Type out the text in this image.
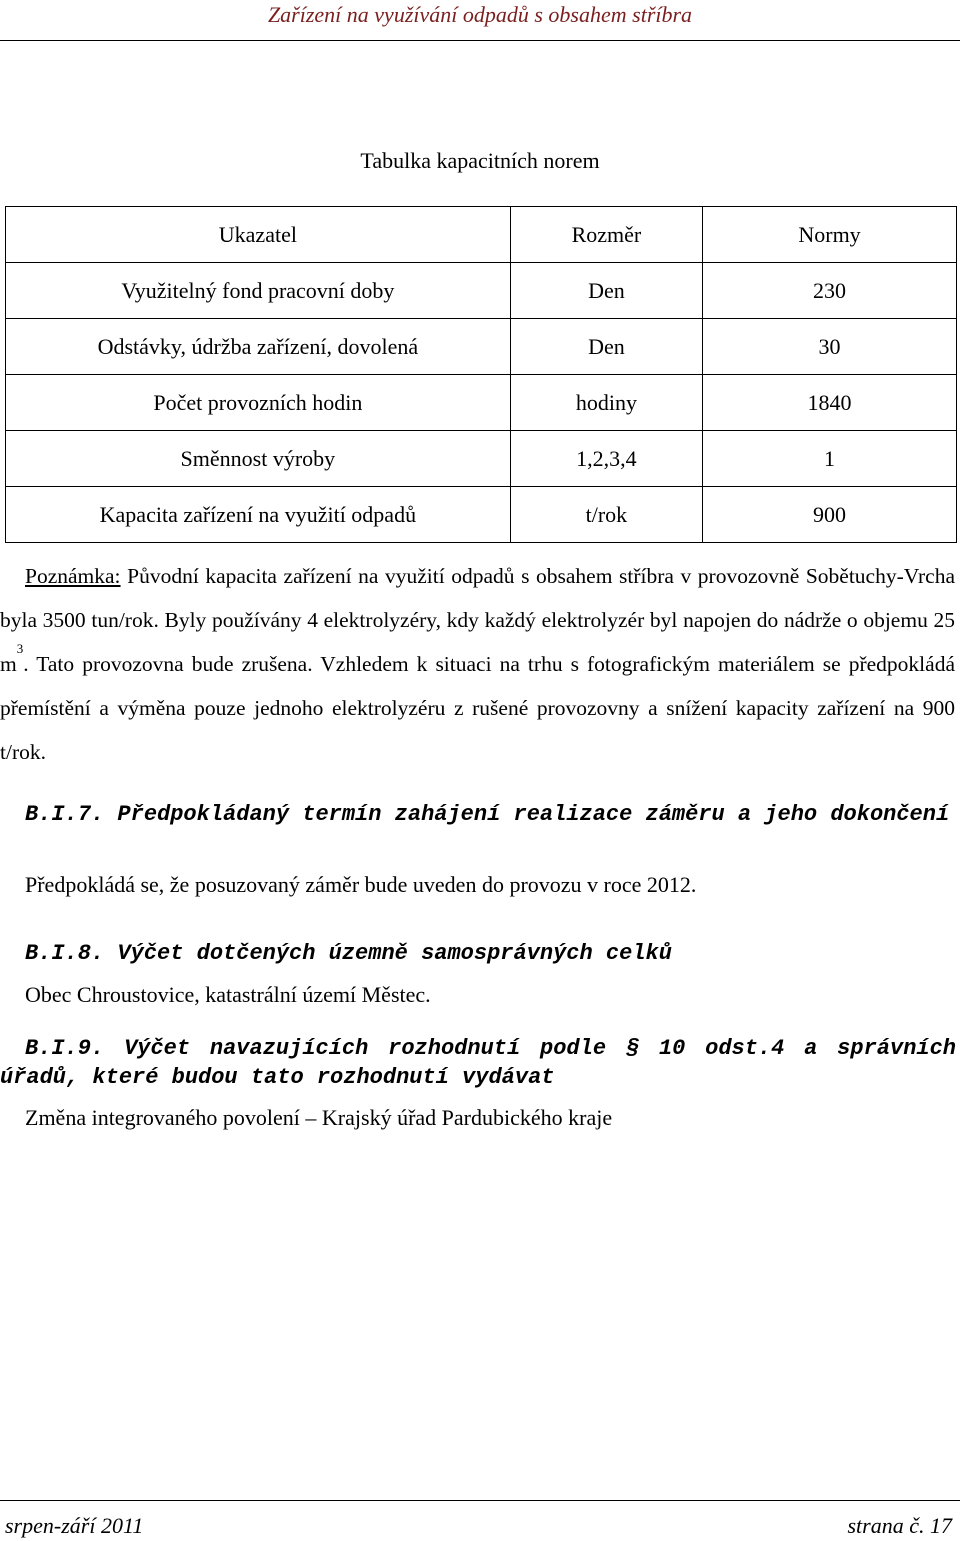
Zařízení na využívání odpadů s obsahem stříbra
Tabulka kapacitních norem
Ukazatel	Rozměr	Normy
Využitelný fond pracovní doby	Den	230
Odstávky, údržba zařízení, dovolená	Den	30
Počet provozních hodin	hodiny	1840
Směnnost výroby	1,2,3,4	1
Kapacita zařízení na využití odpadů	t/rok	900
Poznámka: Původní kapacita zařízení na využití odpadů s obsahem stříbra v provozovně Sobětuchy-Vrcha byla 3500 tun/rok. Byly používány 4 elektrolyzéry, kdy každý elektrolyzér byl napojen do nádrže o objemu 25 $m^3$. Tato provozovna bude zrušena. Vzhledem k situaci na trhu s fotografickým materiálem se předpokládá přemístění a výměna pouze jednoho elektrolyzéru z rušené provozovny a snížení kapacity zařízení na 900 t/rok.
B.I.7. Předpokládaný termín zahájení realizace záměru a jeho dokončení
Předpokládá se, že posuzovaný záměr bude uveden do provozu v roce 2012.
B.I.8. Výčet dotčených územně samosprávných celků
Obec Chroustovice, katastrální území Městec.
B.I.9. Výčet navazujících rozhodnutí podle § 10 odst.4 a správních úřadů, které budou tato rozhodnutí vydávat
Změna integrovaného povolení – Krajský úřad Pardubického kraje
srpen-září 2011	strana č. 17
